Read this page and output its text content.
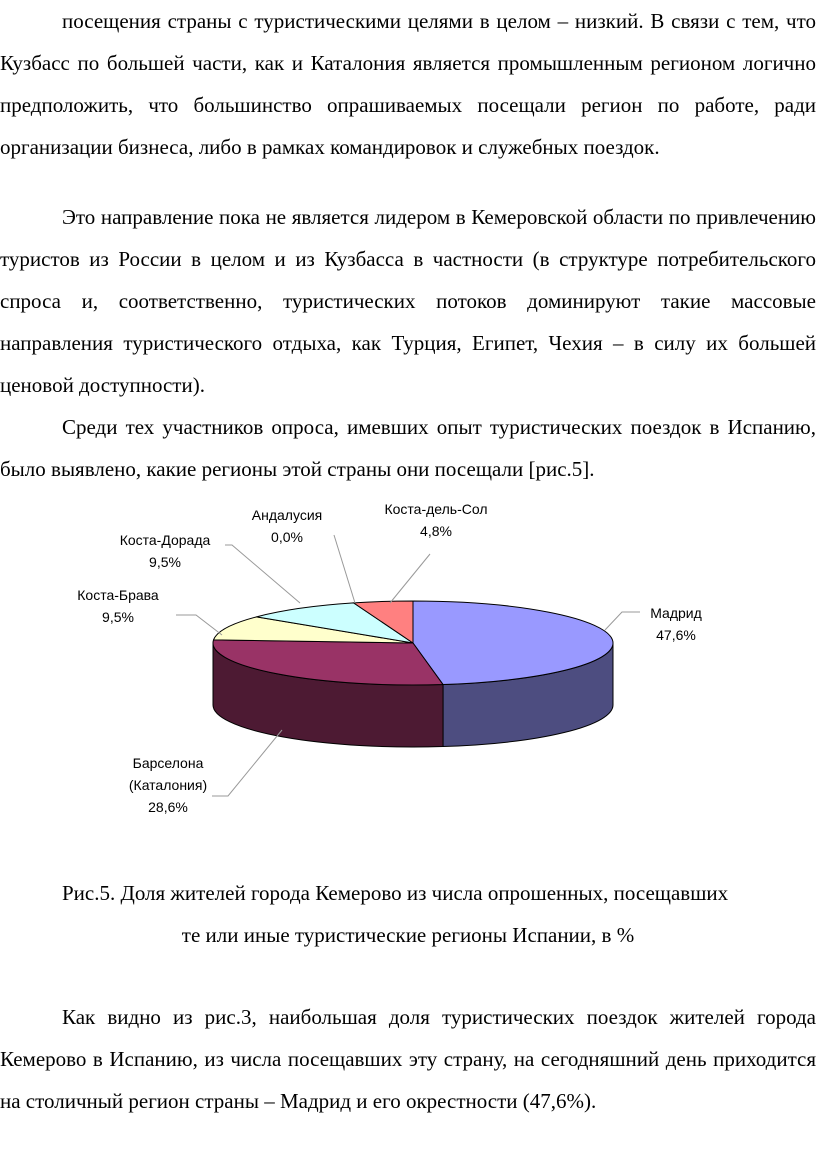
посещения страны с туристическими целями в целом – низкий. В связи с тем, что Кузбасс по большей части, как и Каталония является промышленным регионом логично предположить, что большинство опрашиваемых посещали регион по работе, ради организации бизнеса, либо в рамках командировок и служебных поездок.

Это направление пока не является лидером в Кемеровской области по привлечению туристов из России в целом и из Кузбасса в частности (в структуре потребительского спроса и, соответственно, туристических потоков доминируют такие массовые направления туристического отдыха, как Турция, Египет, Чехия – в силу их большей ценовой доступности).

Среди тех участников опроса, имевших опыт туристических поездок в Испанию, было выявлено, какие регионы этой страны они посещали [рис.5].

Мадрид 47,6%
Барселона (Каталония) 28,6%
Коста-Брава 9,5%
Коста-Дорада 9,5%
Андалусия 0,0%
Коста-дель-Сол 4,8%

Рис.5. Доля жителей города Кемерово из числа опрошенных, посещавших

те или иные туристические регионы Испании, в %

Как видно из рис.3, наибольшая доля туристических поездок жителей города Кемерово в Испанию, из числа посещавших эту страну, на сегодняшний день приходится на столичный регион страны – Мадрид и его окрестности (47,6%).
